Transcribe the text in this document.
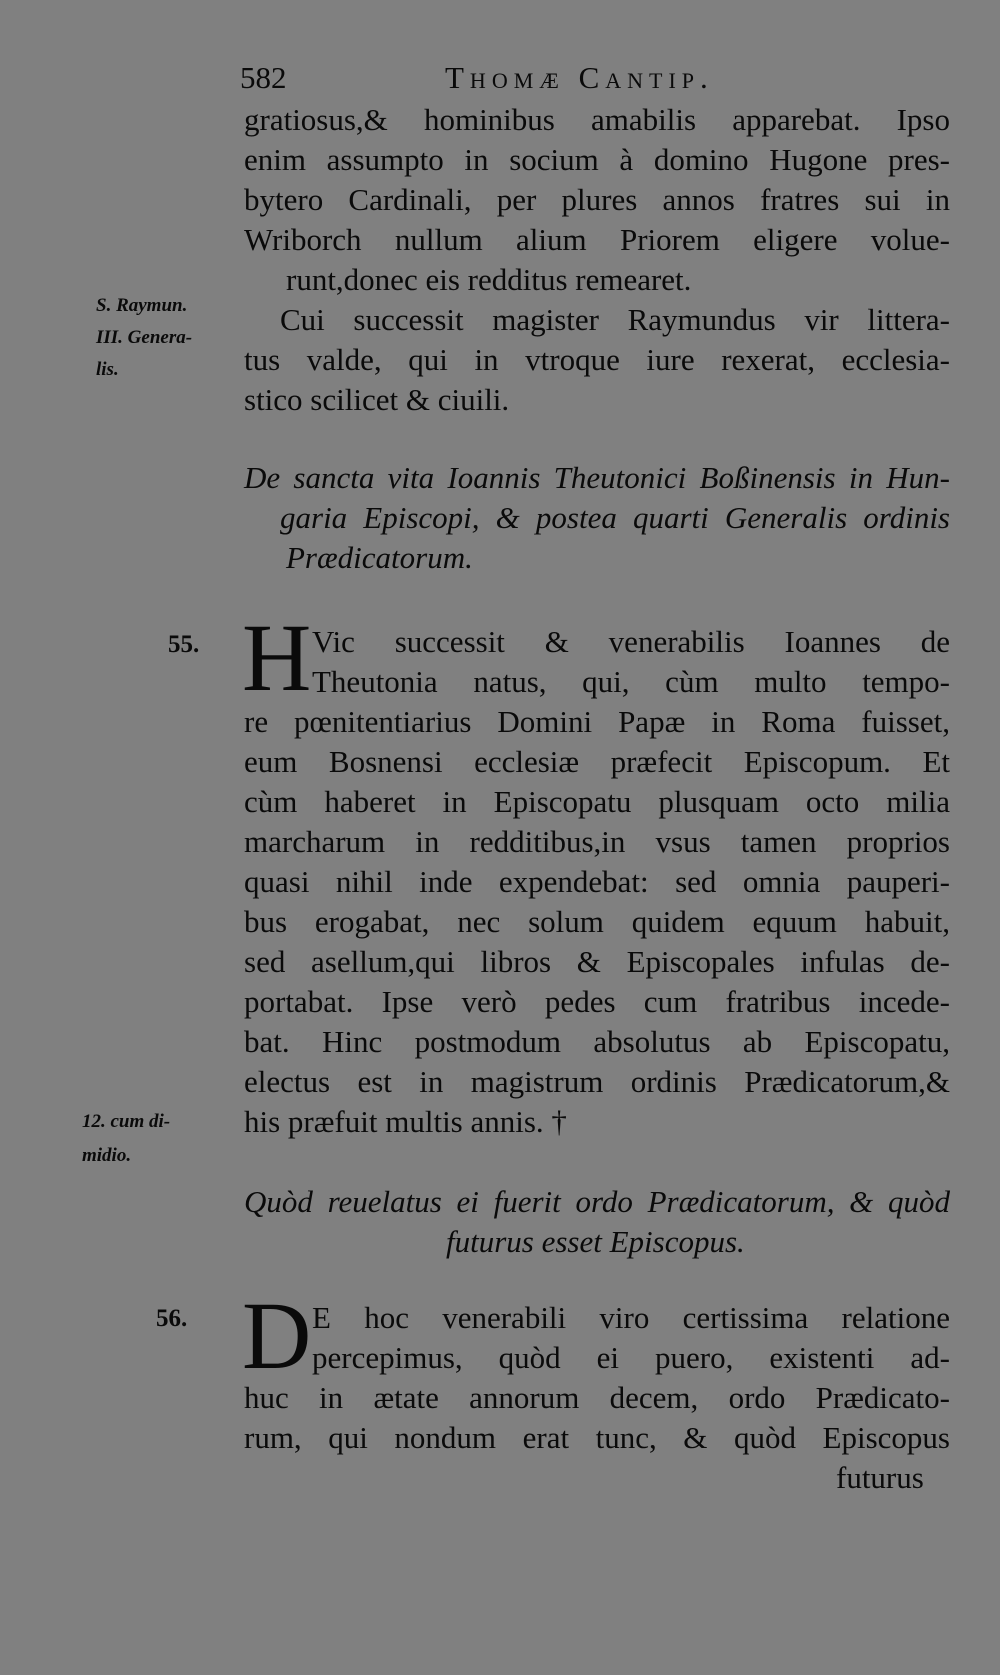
582	Thomæ Cantip.
gratiosus,& hominibus amabilis apparebat. Ipso
enim assumpto in socium à domino Hugone pres-
bytero Cardinali, per plures annos fratres sui in
Wriborch nullum alium Priorem eligere volue-
runt,donec eis redditus remearet.
S. Raymun.
III. Genera-
lis.
Cui successit magister Raymundus vir littera-
tus valde, qui in vtroque iure rexerat, ecclesia-
stico scilicet & ciuili.
De sancta vita Ioannis Theutonici Boßinensis in Hun-
garia Episcopi, & postea quarti Generalis ordinis
Prædicatorum.
55. H Vic successit & venerabilis Ioannes de
Theutonia natus, qui, cùm multo tempo-
re pœnitentiarius Domini Papæ in Roma fuisset,
eum Bosnensi ecclesiæ præfecit Episcopum. Et
cùm haberet in Episcopatu plusquam octo milia
marcharum in redditibus,in vsus tamen proprios
quasi nihil inde expendebat: sed omnia pauperi-
bus erogabat, nec solum quidem equum habuit,
sed asellum,qui libros & Episcopales infulas de-
portabat. Ipse verò pedes cum fratribus incede-
bat. Hinc postmodum absolutus ab Episcopatu,
electus est in magistrum ordinis Prædicatorum,&
his præfuit multis annis. †
12. cum di-
midio.
Quòd reuelatus ei fuerit ordo Prædicatorum, & quòd
futurus esset Episcopus.
56. D E hoc venerabili viro certissima relatione
percepimus, quòd ei puero, existenti ad-
huc in ætate annorum decem, ordo Prædicato-
rum, qui nondum erat tunc, & quòd Episcopus
futurus
